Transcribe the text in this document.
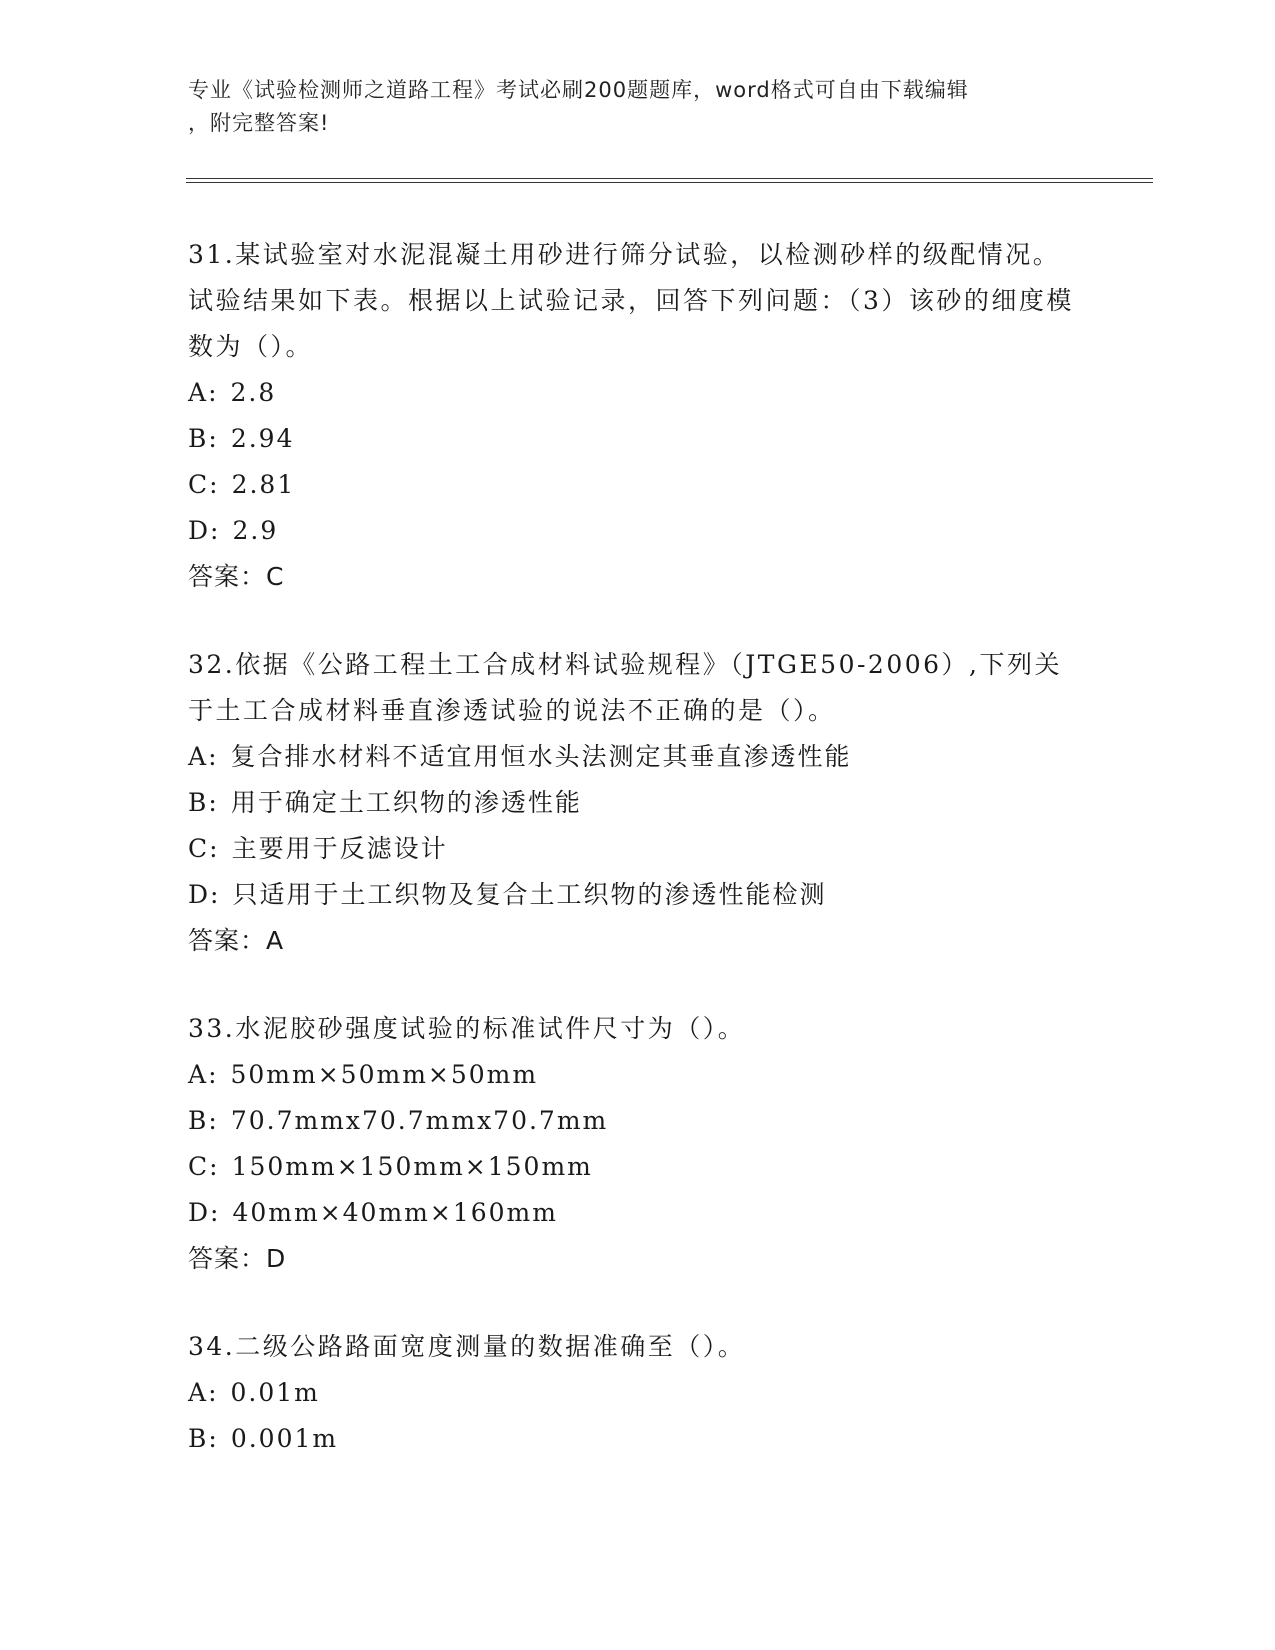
专业《试验检测师之道路工程》考试必刷200题题库，word格式可自由下载编辑
，附完整答案!
31.某试验室对水泥混凝土用砂进行筛分试验，以检测砂样的级配情况。试验结果如下表。根据以上试验记录，回答下列问题：（3）该砂的细度模数为（）。
A: 2.8
B: 2.94
C: 2.81
D: 2.9
答案：C
32.依据《公路工程土工合成材料试验规程》（JTGE50-2006）,下列关于土工合成材料垂直渗透试验的说法不正确的是（）。
A: 复合排水材料不适宜用恒水头法测定其垂直渗透性能
B: 用于确定土工织物的渗透性能
C: 主要用于反滤设计
D: 只适用于土工织物及复合土工织物的渗透性能检测
答案：A
33.水泥胶砂强度试验的标准试件尺寸为（）。
A: 50mm×50mm×50mm
B: 70.7mmx70.7mmx70.7mm
C: 150mm×150mm×150mm
D: 40mm×40mm×160mm
答案：D
34.二级公路路面宽度测量的数据准确至（）。
A: 0.01m
B: 0.001m
